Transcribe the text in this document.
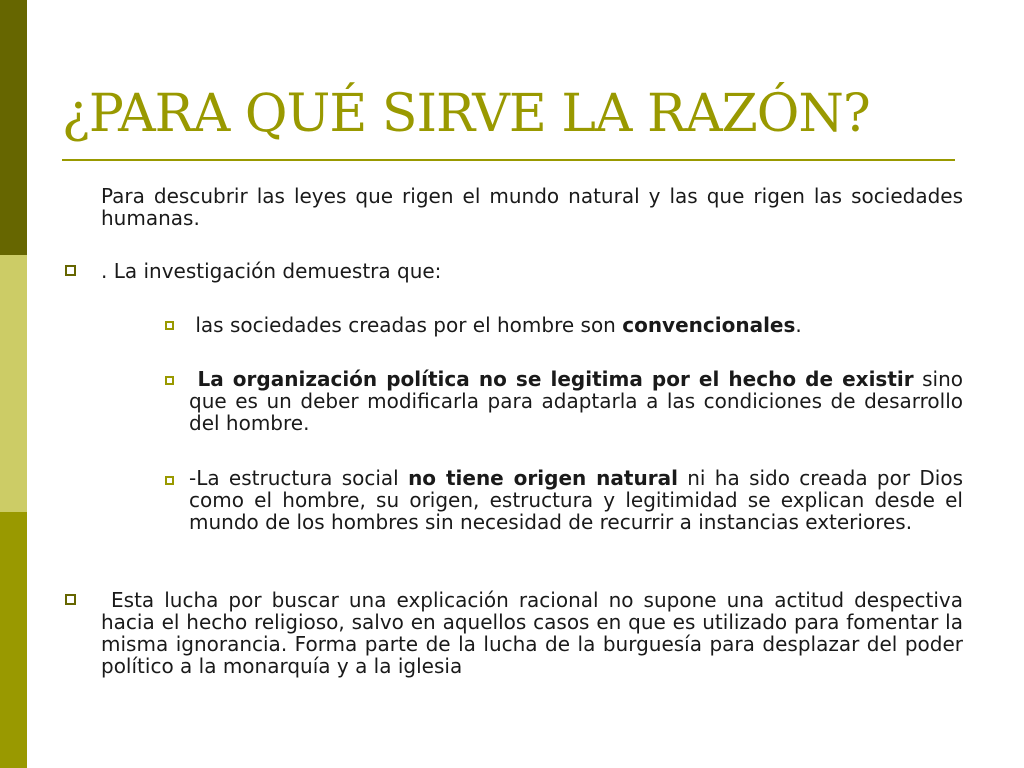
¿PARA QUÉ SIRVE LA RAZÓN?

Para descubrir las leyes que rigen el mundo natural y las que rigen las sociedades humanas.

. La investigación demuestra que:

las sociedades creadas por el hombre son convencionales.

La organización política no se legitima por el hecho de existir sino que es un deber modificarla para adaptarla a las condiciones de desarrollo del hombre.

-La estructura social no tiene origen natural ni ha sido creada por Dios como el hombre, su origen, estructura y legitimidad se explican desde el mundo de los hombres sin necesidad de recurrir a instancias exteriores.

Esta lucha por buscar una explicación racional no supone una actitud despectiva hacia el hecho religioso, salvo en aquellos casos en que es utilizado para fomentar la misma ignorancia. Forma parte de la lucha de la burguesía para desplazar del poder político a la monarquía y a la iglesia
